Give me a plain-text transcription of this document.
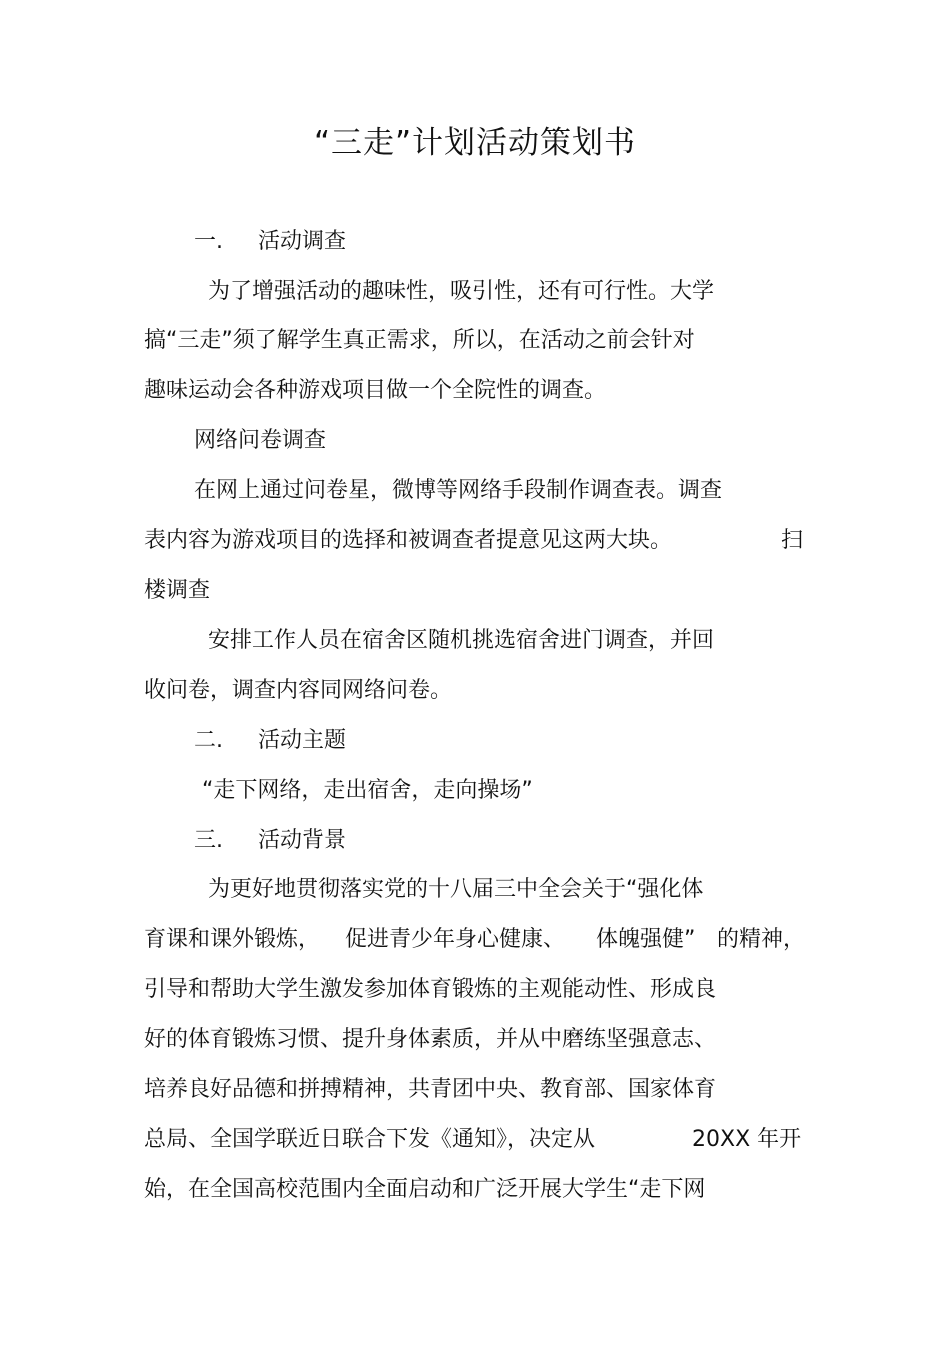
“三走”计划活动策划书
一. 活动调查
为了增强活动的趣味性，吸引性，还有可行性。大学
搞“三走”须了解学生真正需求，所以，在活动之前会针对
趣味运动会各种游戏项目做一个全院性的调查。
网络问卷调查
在网上通过问卷星，微博等网络手段制作调查表。调查
表内容为游戏项目的选择和被调查者提意见这两大块。	扫
楼调查
安排工作人员在宿舍区随机挑选宿舍进门调查，并回
收问卷，调查内容同网络问卷。
二. 活动主题
“走下网络，走出宿舍，走向操场”
三. 活动背景
为更好地贯彻落实党的十八届三中全会关于“强化体
育课和课外锻炼， 促进青少年身心健康、 体魄强健” 的精神，
引导和帮助大学生激发参加体育锻炼的主观能动性、形成良
好的体育锻炼习惯、提升身体素质，并从中磨练坚强意志、
培养良好品德和拼搏精神，共青团中央、教育部、国家体育
总局、全国学联近日联合下发《通知》，决定从	20XX 年开
始，在全国高校范围内全面启动和广泛开展大学生“走下网
